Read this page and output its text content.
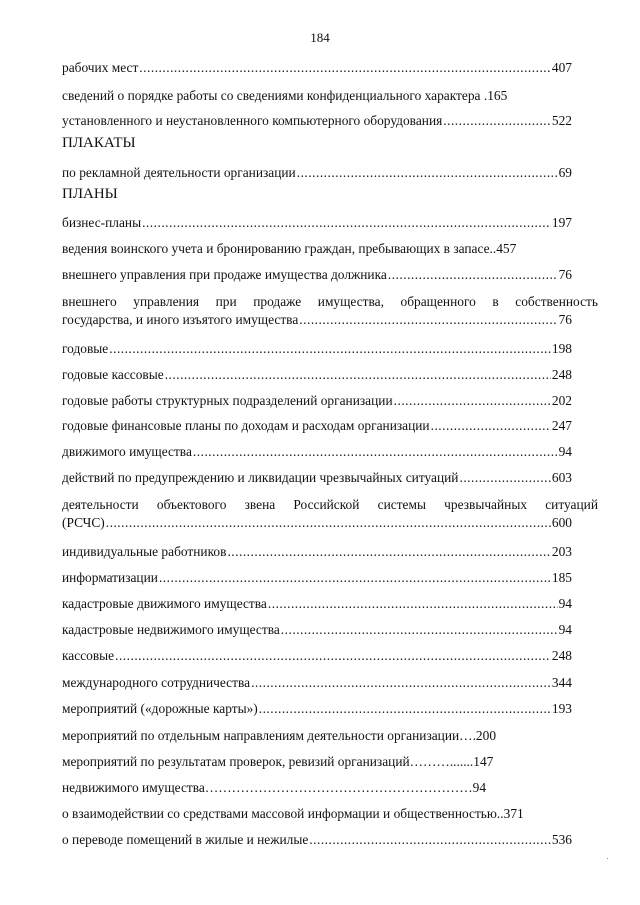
184
рабочих мест .....	407
сведений о порядке работы со сведениями конфиденциального характера . 165
установленного и неустановленного компьютерного оборудования .....	522
ПЛАКАТЫ
по рекламной деятельности организации .....	69
ПЛАНЫ
бизнес-планы .....	197
ведения воинского учета и бронированию граждан, пребывающих в запасе.. 457
внешнего управления при продаже имущества должника .....	76
внешнего управления при продаже имущества, обращенного в собственность
государства, и иного изъятого имущества .....	76
годовые .....	198
годовые кассовые .....	248
годовые работы структурных подразделений организации .....	202
годовые финансовые планы по доходам и расходам организации .....	247
движимого имущества .....	94
действий по предупреждению и ликвидации чрезвычайных ситуаций .....	603
деятельности объектового звена Российской системы чрезвычайных ситуаций
(РСЧС) .....	600
индивидуальные работников .....	203
информатизации .....	185
кадастровые движимого имущества .....	94
кадастровые недвижимого имущества .....	94
кассовые .....	248
международного сотрудничества .....	344
мероприятий («дорожные карты») .....	193
мероприятий по отдельным направлениям деятельности организации…. 200
мероприятий по результатам проверок, ревизий организаций………....... 147
недвижимого имущества…………………………………………………… 94
о взаимодействии со средствами массовой информации и общественностью.. 371
о переводе помещений в жилые и нежилые .....	536
